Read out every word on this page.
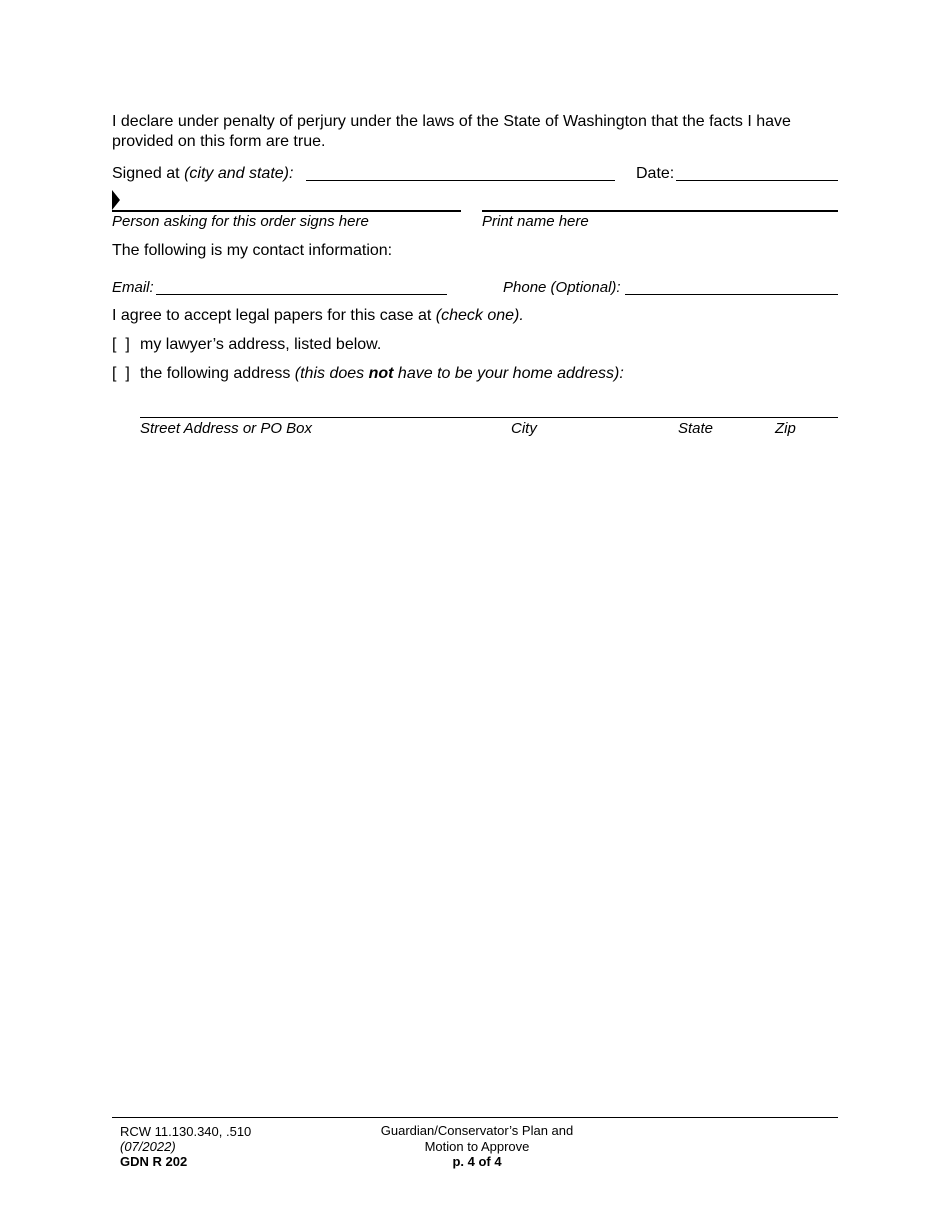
I declare under penalty of perjury under the laws of the State of Washington that the facts I have provided on this form are true.
Signed at (city and state):	Date:
Person asking for this order signs here	Print name here
The following is my contact information:
Email:	Phone (Optional):
I agree to accept legal papers for this case at (check one).
[  ] my lawyer’s address, listed below.
[  ] the following address (this does not have to be your home address):
Street Address or PO Box	City	State	Zip
RCW 11.130.340, .510
(07/2022)
GDN R 202
Guardian/Conservator’s Plan and
Motion to Approve
p. 4 of 4
